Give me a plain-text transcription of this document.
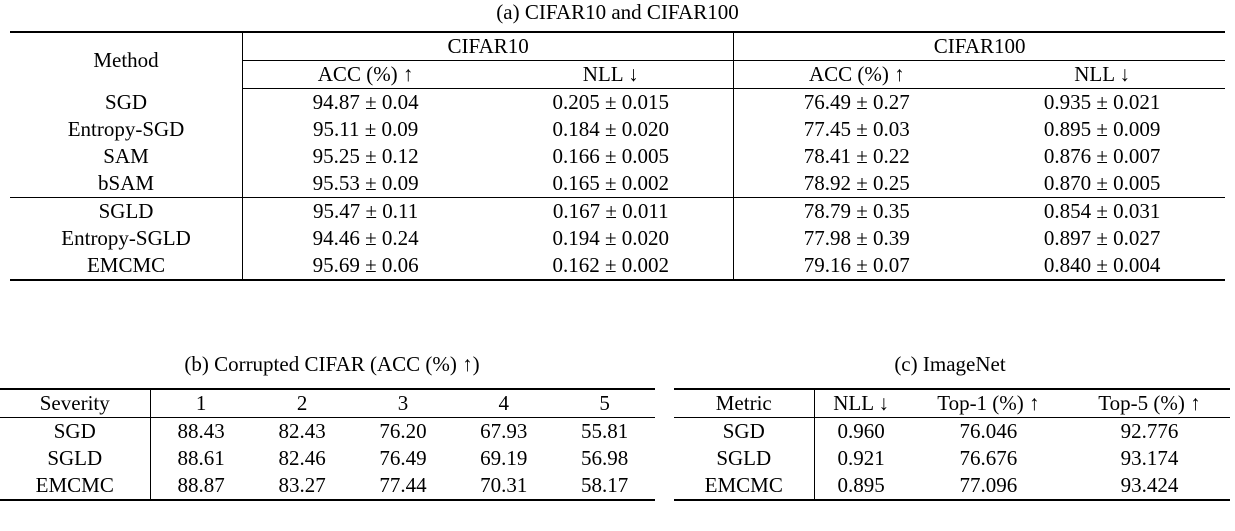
(a) CIFAR10 and CIFAR100
Method	CIFAR10		CIFAR100	
	ACC (%) ↑	NLL ↓	ACC (%) ↑	NLL ↓
SGD	94.87 ± 0.04	0.205 ± 0.015	76.49 ± 0.27	0.935 ± 0.021
Entropy-SGD	95.11 ± 0.09	0.184 ± 0.020	77.45 ± 0.03	0.895 ± 0.009
SAM	95.25 ± 0.12	0.166 ± 0.005	78.41 ± 0.22	0.876 ± 0.007
bSAM	95.53 ± 0.09	0.165 ± 0.002	78.92 ± 0.25	0.870 ± 0.005
SGLD	95.47 ± 0.11	0.167 ± 0.011	78.79 ± 0.35	0.854 ± 0.031
Entropy-SGLD	94.46 ± 0.24	0.194 ± 0.020	77.98 ± 0.39	0.897 ± 0.027
EMCMC	95.69 ± 0.06	0.162 ± 0.002	79.16 ± 0.07	0.840 ± 0.004
(b) Corrupted CIFAR (ACC (%) ↑)	(c) ImageNet
Severity	1	2	3	4	5
SGD	88.43	82.43	76.20	67.93	55.81
SGLD	88.61	82.46	76.49	69.19	56.98
EMCMC	88.87	83.27	77.44	70.31	58.17
Metric	NLL ↓	Top-1 (%) ↑	Top-5 (%) ↑
SGD	0.960	76.046	92.776
SGLD	0.921	76.676	93.174
EMCMC	0.895	77.096	93.424
